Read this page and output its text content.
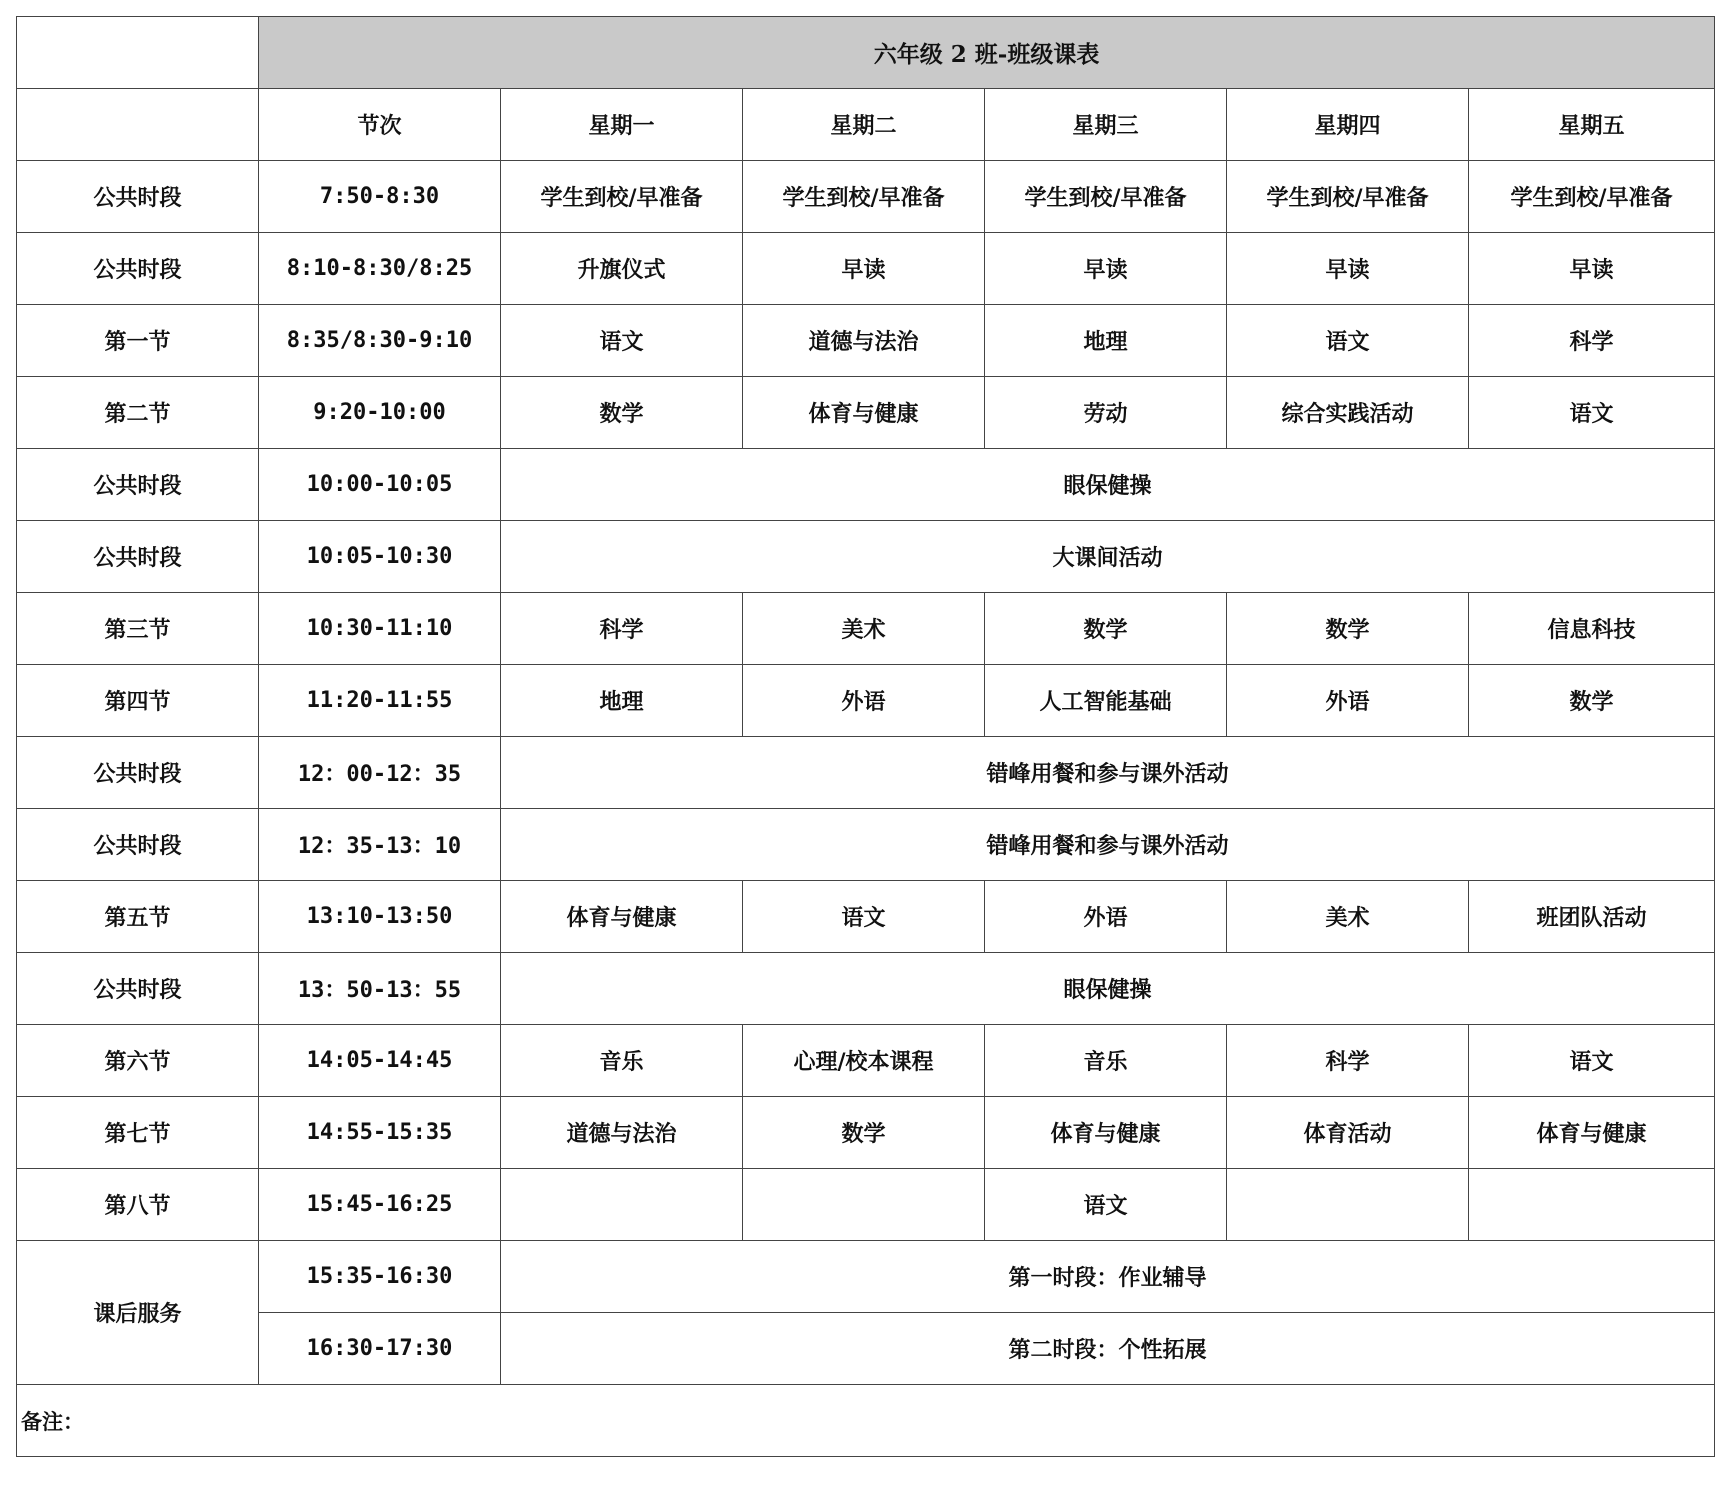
	六年级 2 班-班级课表					
	节次	星期一	星期二	星期三	星期四	星期五
公共时段	7:50-8:30	学生到校/早准备	学生到校/早准备	学生到校/早准备	学生到校/早准备	学生到校/早准备
公共时段	8:10-8:30/8:25	升旗仪式	早读	早读	早读	早读
第一节	8:35/8:30-9:10	语文	道德与法治	地理	语文	科学
第二节	9:20-10:00	数学	体育与健康	劳动	综合实践活动	语文
公共时段	10:00-10:05	眼保健操				
公共时段	10:05-10:30	大课间活动				
第三节	10:30-11:10	科学	美术	数学	数学	信息科技
第四节	11:20-11:55	地理	外语	人工智能基础	外语	数学
公共时段	12：00-12：35	错峰用餐和参与课外活动				
公共时段	12：35-13：10	错峰用餐和参与课外活动				
第五节	13:10-13:50	体育与健康	语文	外语	美术	班团队活动
公共时段	13：50-13：55	眼保健操				
第六节	14:05-14:45	音乐	心理/校本课程	音乐	科学	语文
第七节	14:55-15:35	道德与法治	数学	体育与健康	体育活动	体育与健康
第八节	15:45-16:25			语文		
课后服务	15:35-16:30	第一时段：作业辅导				
	16:30-17:30	第二时段：个性拓展				
备注：						
